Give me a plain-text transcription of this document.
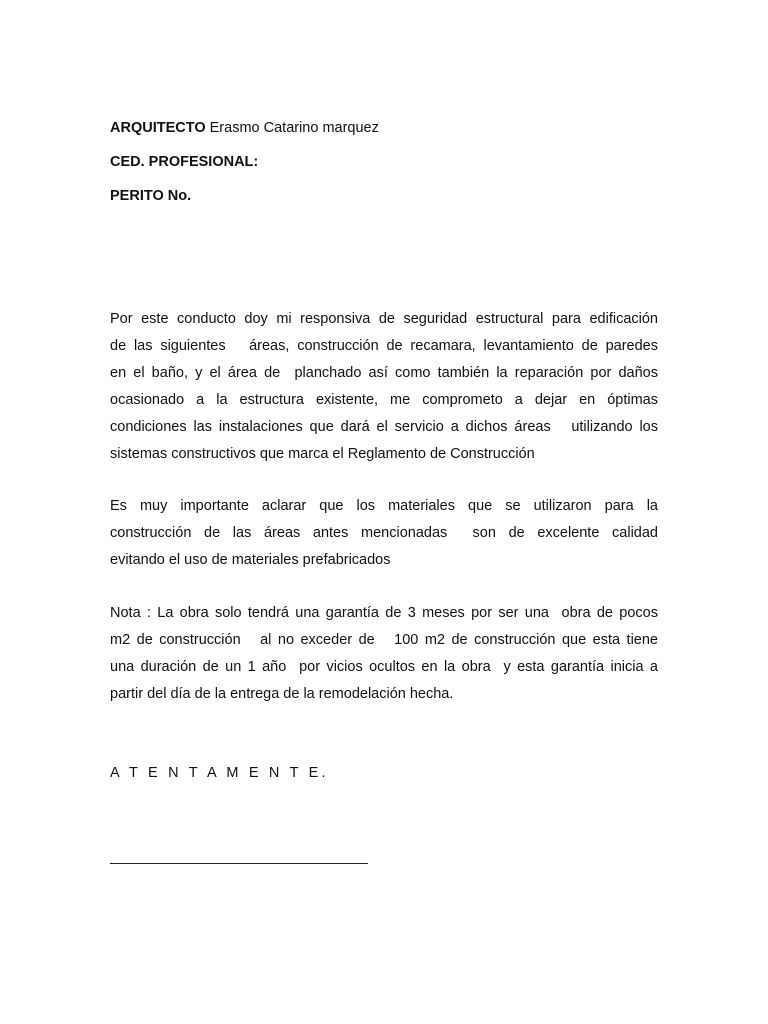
ARQUITECTO Erasmo Catarino marquez
CED. PROFESIONAL:
PERITO No.
Por este conducto doy mi responsiva de seguridad estructural para edificación
de las siguientes   áreas, construcción de recamara, levantamiento de paredes
en el baño, y el área de  planchado así como también la reparación por daños
ocasionado a la estructura existente, me comprometo a dejar en óptimas
condiciones las instalaciones que dará el servicio a dichos áreas   utilizando los
sistemas constructivos que marca el Reglamento de Construcción
Es muy importante aclarar que los materiales que se utilizaron para la
construcción de las áreas antes mencionadas  son de excelente calidad
evitando el uso de materiales prefabricados
Nota : La obra solo tendrá una garantía de 3 meses por ser una  obra de pocos
m2 de construcción   al no exceder de   100 m2 de construcción que esta tiene
una duración de un 1 año  por vicios ocultos en la obra  y esta garantía inicia a
partir del día de la entrega de la remodelación hecha.
A T E N T A M E N T E.
